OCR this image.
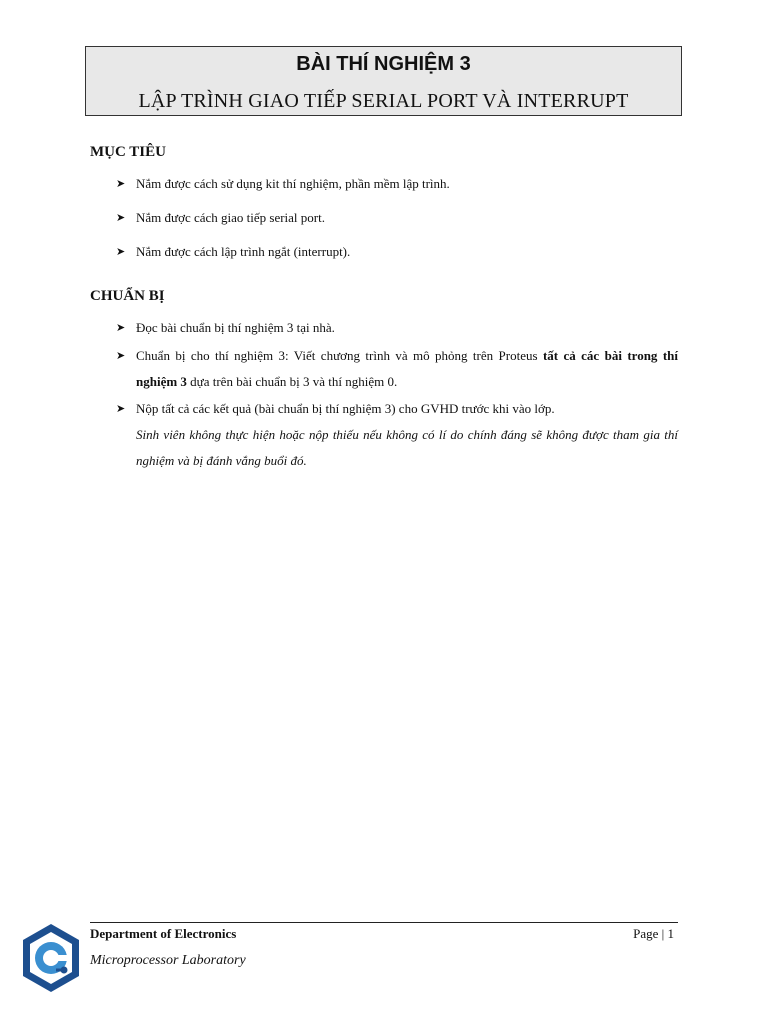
BÀI THÍ NGHIỆM 3
LẬP TRÌNH GIAO TIẾP SERIAL PORT VÀ INTERRUPT
MỤC TIÊU
➤ Nắm được cách sử dụng kit thí nghiệm, phần mềm lập trình.
➤ Nắm được cách giao tiếp serial port.
➤ Nắm được cách lập trình ngắt (interrupt).
CHUẨN BỊ
➤ Đọc bài chuẩn bị thí nghiệm 3 tại nhà.
➤ Chuẩn bị cho thí nghiệm 3: Viết chương trình và mô phỏng trên Proteus tất cả các bài trong thí nghiệm 3 dựa trên bài chuẩn bị 3 và thí nghiệm 0.
➤ Nộp tất cả các kết quả (bài chuẩn bị thí nghiệm 3) cho GVHD trước khi vào lớp.
Sinh viên không thực hiện hoặc nộp thiếu nếu không có lí do chính đáng sẽ không được tham gia thí nghiệm và bị đánh vắng buổi đó.
Department of Electronics
Microprocessor Laboratory
Page | 1
